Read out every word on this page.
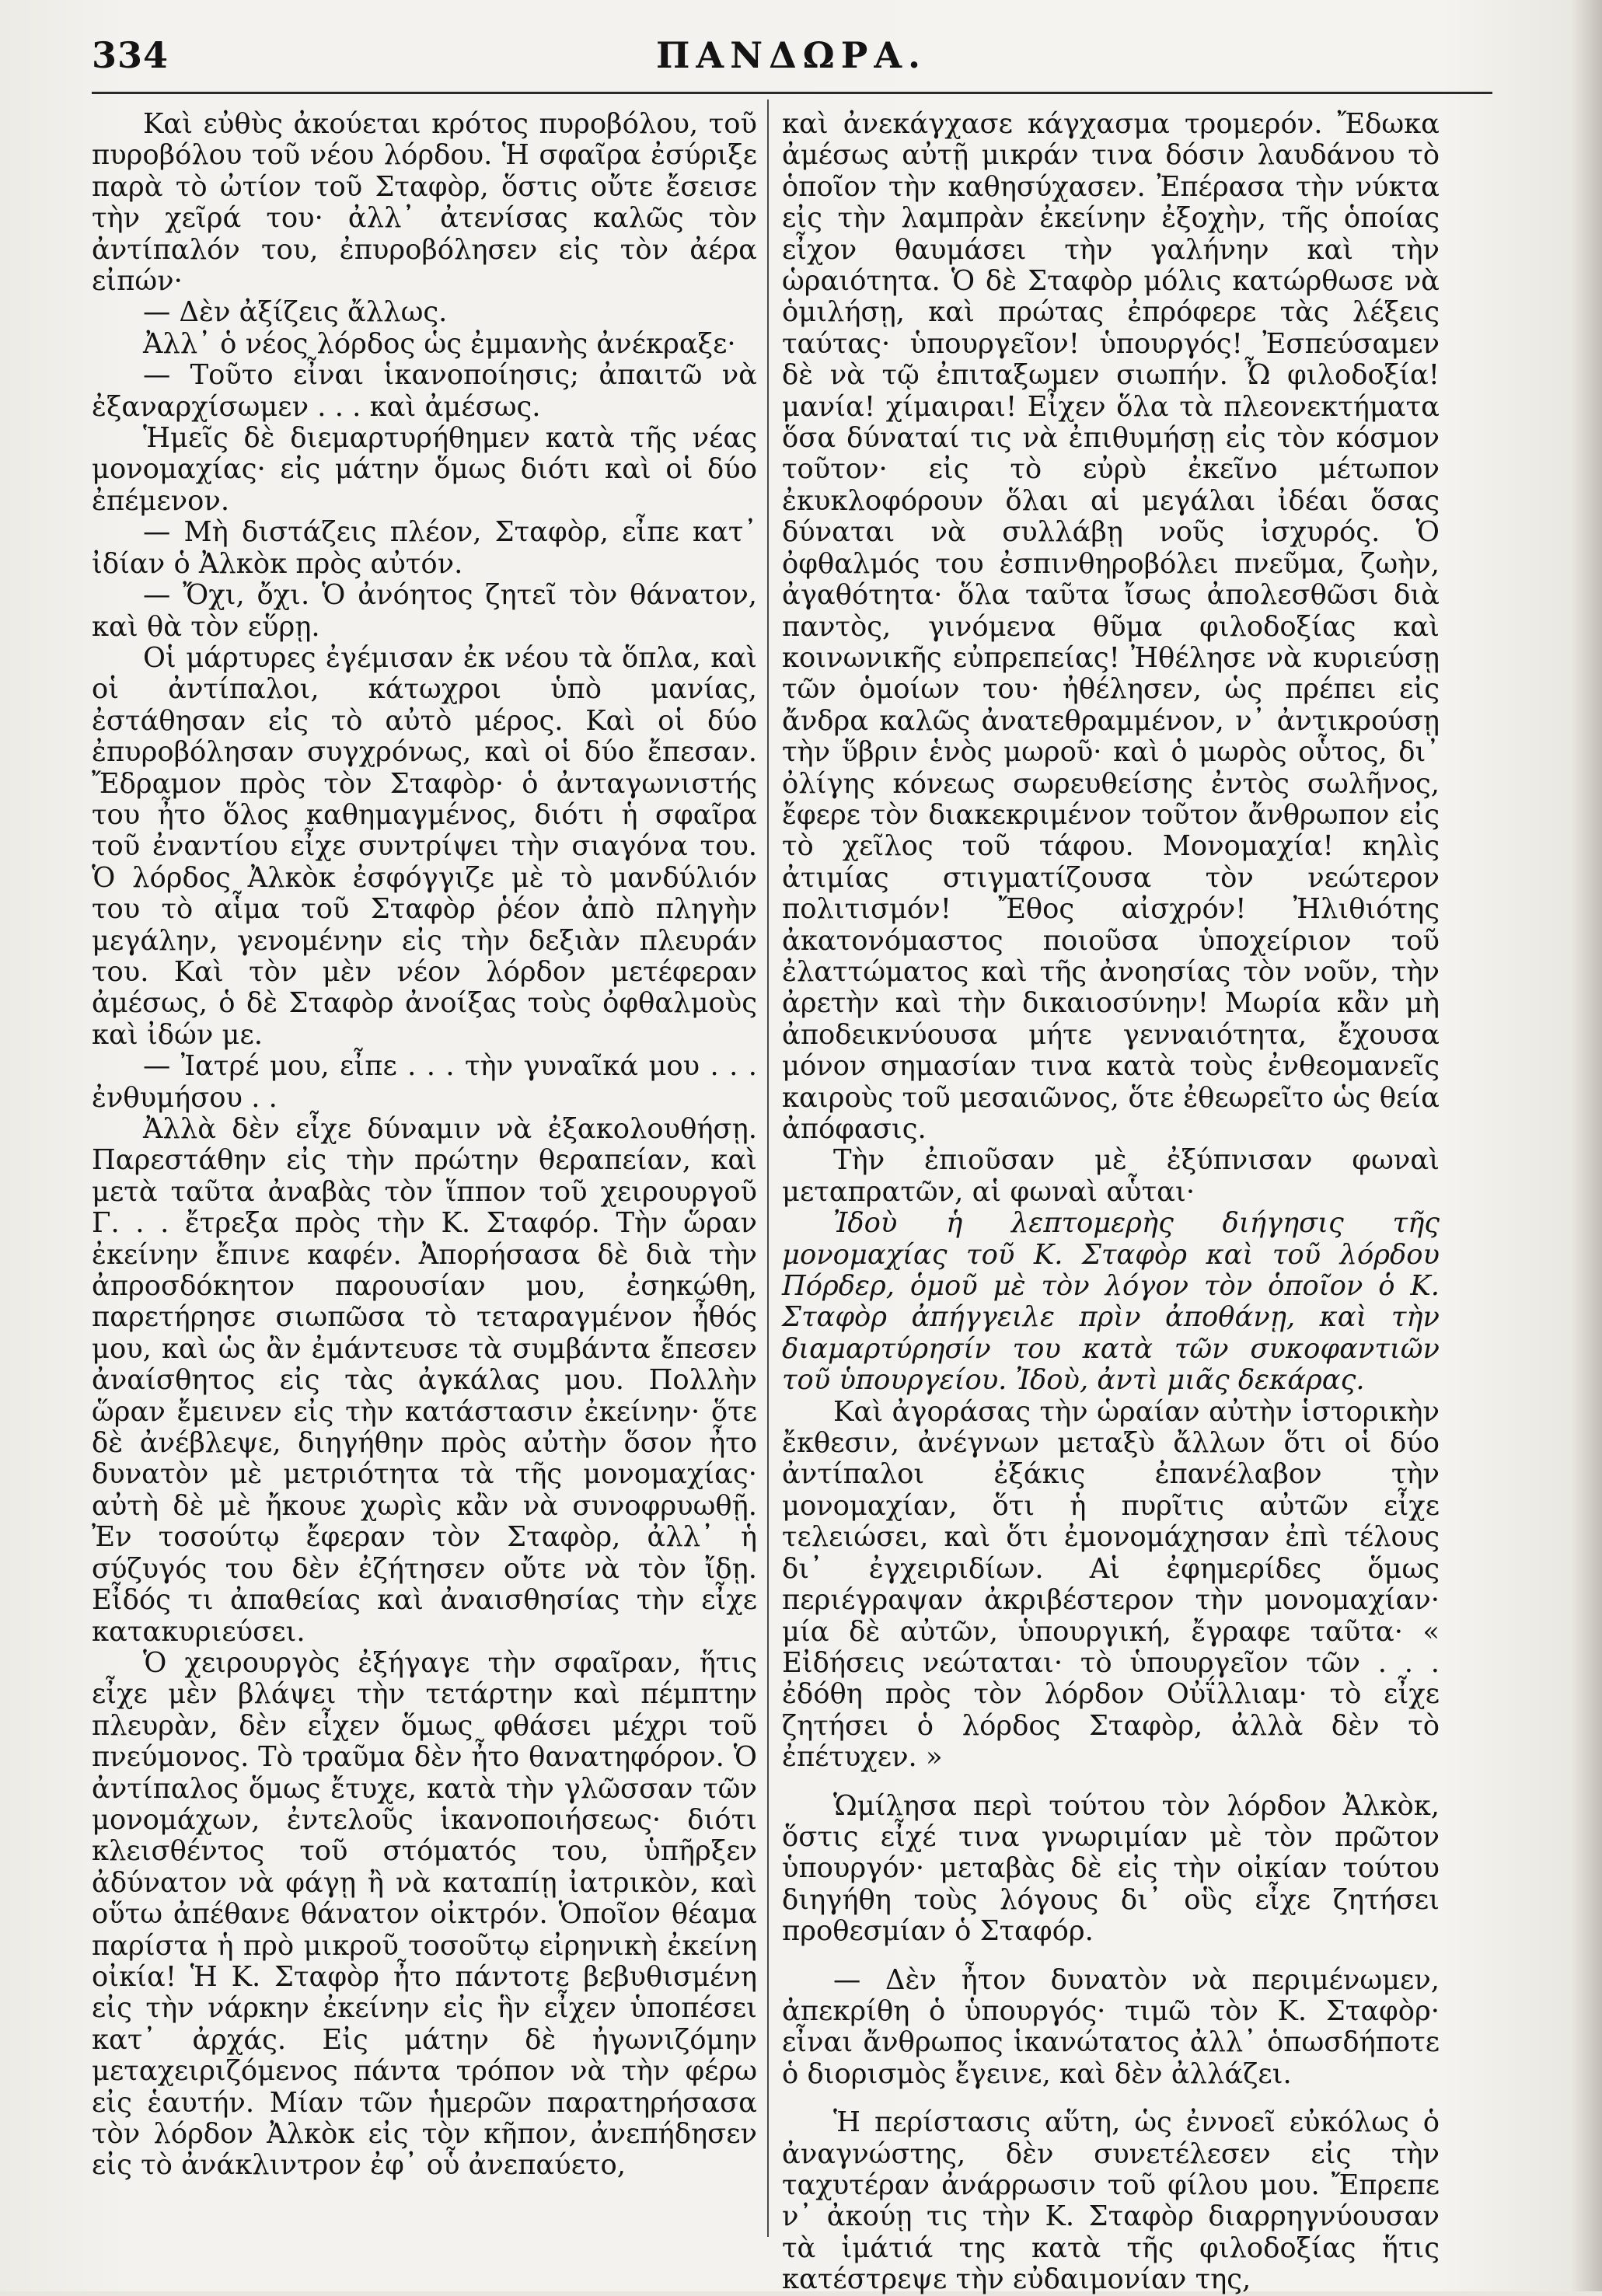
334	ΠΑΝΔΩΡΑ.

Καὶ εὐθὺς ἀκούεται κρότος πυροβόλου, τοῦ πυροβόλου τοῦ νέου λόρδου. Ἡ σφαῖρα ἐσύριξε παρὰ τὸ ὠτίον τοῦ Σταφὸρ, ὅστις οὔτε ἔσεισε τὴν χεῖρά του· ἀλλ᾽ ἀτενίσας καλῶς τὸν ἀντίπαλόν του, ἐπυροβόλησεν εἰς τὸν ἀέρα εἰπών·

— Δὲν ἀξίζεις ἄλλως.

Ἀλλ᾽ ὁ νέος λόρδος ὡς ἐμμανὴς ἀνέκραξε·

— Τοῦτο εἶναι ἱκανοποίησις; ἀπαιτῶ νὰ ἐξαναρχίσωμεν . . . καὶ ἀμέσως.

Ἡμεῖς δὲ διεμαρτυρήθημεν κατὰ τῆς νέας μονομαχίας· εἰς μάτην ὅμως διότι καὶ οἱ δύο ἐπέμενον.

— Μὴ διστάζεις πλέον, Σταφὸρ, εἶπε κατ᾽ ἰδίαν ὁ Ἀλκὸκ πρὸς αὐτόν.

— Ὄχι, ὄχι. Ὁ ἀνόητος ζητεῖ τὸν θάνατον, καὶ θὰ τὸν εὕρῃ.

Οἱ μάρτυρες ἐγέμισαν ἐκ νέου τὰ ὅπλα, καὶ οἱ ἀντίπαλοι, κάτωχροι ὑπὸ μανίας, ἐστάθησαν εἰς τὸ αὐτὸ μέρος. Καὶ οἱ δύο ἐπυροβόλησαν συγχρόνως, καὶ οἱ δύο ἔπεσαν. Ἔδραμον πρὸς τὸν Σταφὸρ· ὁ ἀνταγωνιστής του ἦτο ὅλος καθημαγμένος, διότι ἡ σφαῖρα τοῦ ἐναντίου εἶχε συντρίψει τὴν σιαγόνα του. Ὁ λόρδος Ἀλκὸκ ἐσφόγγιζε μὲ τὸ μανδύλιόν του τὸ αἷμα τοῦ Σταφὸρ ῥέον ἀπὸ πληγὴν μεγάλην, γενομένην εἰς τὴν δεξιὰν πλευράν του. Καὶ τὸν μὲν νέον λόρδον μετέφεραν ἀμέσως, ὁ δὲ Σταφὸρ ἀνοίξας τοὺς ὀφθαλμοὺς καὶ ἰδών με.

— Ἰατρέ μου, εἶπε . . . τὴν γυναῖκά μου . . . ἐνθυμήσου . .

Ἀλλὰ δὲν εἶχε δύναμιν νὰ ἐξακολουθήσῃ. Παρεστάθην εἰς τὴν πρώτην θεραπείαν, καὶ μετὰ ταῦτα ἀναβὰς τὸν ἵππον τοῦ χειρουργοῦ Γ. . . ἔτρεξα πρὸς τὴν Κ. Σταφόρ. Τὴν ὥραν ἐκείνην ἔπινε καφέν. Ἀπορήσασα δὲ διὰ τὴν ἀπροσδόκητον παρουσίαν μου, ἐσηκώθη, παρετήρησε σιωπῶσα τὸ τεταραγμένον ἦθός μου, καὶ ὡς ἂν ἐμάντευσε τὰ συμβάντα ἔπεσεν ἀναίσθητος εἰς τὰς ἀγκάλας μου. Πολλὴν ὥραν ἔμεινεν εἰς τὴν κατάστασιν ἐκείνην· ὅτε δὲ ἀνέβλεψε, διηγήθην πρὸς αὐτὴν ὅσον ἦτο δυνατὸν μὲ μετριότητα τὰ τῆς μονομαχίας· αὐτὴ δὲ μὲ ἤκουε χωρὶς κἂν νὰ συνοφρυωθῇ. Ἐν τοσούτῳ ἔφεραν τὸν Σταφὸρ, ἀλλ᾽ ἡ σύζυγός του δὲν ἐζήτησεν οὔτε νὰ τὸν ἴδῃ. Εἶδός τι ἀπαθείας καὶ ἀναισθησίας τὴν εἶχε κατακυριεύσει.

Ὁ χειρουργὸς ἐξήγαγε τὴν σφαῖραν, ἥτις εἶχε μὲν βλάψει τὴν τετάρτην καὶ πέμπτην πλευρὰν, δὲν εἶχεν ὅμως φθάσει μέχρι τοῦ πνεύμονος. Τὸ τραῦμα δὲν ἦτο θανατηφόρον. Ὁ ἀντίπαλος ὅμως ἔτυχε, κατὰ τὴν γλῶσσαν τῶν μονομάχων, ἐντελοῦς ἱκανοποιήσεως· διότι κλεισθέντος τοῦ στόματός του, ὑπῆρξεν ἀδύνατον νὰ φάγῃ ἢ νὰ καταπίῃ ἰατρικὸν, καὶ οὕτω ἀπέθανε θάνατον οἰκτρόν. Ὁποῖον θέαμα παρίστα ἡ πρὸ μικροῦ τοσοῦτῳ εἰρηνικὴ ἐκείνη οἰκία! Ἡ Κ. Σταφὸρ ἦτο πάντοτε βεβυθισμένη εἰς τὴν νάρκην ἐκείνην εἰς ἣν εἶχεν ὑποπέσει κατ᾽ ἀρχάς. Εἰς μάτην δὲ ἠγωνιζόμην μεταχειριζόμενος πάντα τρόπον νὰ τὴν φέρω εἰς ἑαυτήν. Μίαν τῶν ἡμερῶν παρατηρήσασα τὸν λόρδον Ἀλκὸκ εἰς τὸν κῆπον, ἀνεπήδησεν εἰς τὸ ἀνάκλιντρον ἐφ᾽ οὗ ἀνεπαύετο,

καὶ ἀνεκάγχασε κάγχασμα τρομερόν. Ἔδωκα ἀμέσως αὐτῇ μικράν τινα δόσιν λαυδάνου τὸ ὁποῖον τὴν καθησύχασεν. Ἐπέρασα τὴν νύκτα εἰς τὴν λαμπρὰν ἐκείνην ἐξοχὴν, τῆς ὁποίας εἶχον θαυμάσει τὴν γαλήνην καὶ τὴν ὡραιότητα. Ὁ δὲ Σταφὸρ μόλις κατώρθωσε νὰ ὁμιλήσῃ, καὶ πρώτας ἐπρόφερε τὰς λέξεις ταύτας· ὑπουργεῖον! ὑπουργός! Ἐσπεύσαμεν δὲ νὰ τῷ ἐπιταξωμεν σιωπήν. Ὦ φιλοδοξία! μανία! χίμαιραι! Εἶχεν ὅλα τὰ πλεονεκτήματα ὅσα δύναταί τις νὰ ἐπιθυμήσῃ εἰς τὸν κόσμον τοῦτον· εἰς τὸ εὐρὺ ἐκεῖνο μέτωπον ἐκυκλοφόρουν ὅλαι αἱ μεγάλαι ἰδέαι ὅσας δύναται νὰ συλλάβῃ νοῦς ἰσχυρός. Ὁ ὀφθαλμός του ἐσπινθηροβόλει πνεῦμα, ζωὴν, ἀγαθότητα· ὅλα ταῦτα ἴσως ἀπολεσθῶσι διὰ παντὸς, γινόμενα θῦμα φιλοδοξίας καὶ κοινωνικῆς εὐπρεπείας! Ἠθέλησε νὰ κυριεύσῃ τῶν ὁμοίων του· ἠθέλησεν, ὡς πρέπει εἰς ἄνδρα καλῶς ἀνατεθραμμένον, ν᾽ ἀντικρούσῃ τὴν ὕβριν ἑνὸς μωροῦ· καὶ ὁ μωρὸς οὗτος, δι᾽ ὀλίγης κόνεως σωρευθείσης ἐντὸς σωλῆνος, ἔφερε τὸν διακεκριμένον τοῦτον ἄνθρωπον εἰς τὸ χεῖλος τοῦ τάφου. Μονομαχία! κηλὶς ἀτιμίας στιγματίζουσα τὸν νεώτερον πολιτισμόν! Ἔθος αἰσχρόν! Ἠλιθιότης ἀκατονόμαστος ποιοῦσα ὑποχείριον τοῦ ἐλαττώματος καὶ τῆς ἀνοησίας τὸν νοῦν, τὴν ἀρετὴν καὶ τὴν δικαιοσύνην! Μωρία κἂν μὴ ἀποδεικνύουσα μήτε γενναιότητα, ἔχουσα μόνον σημασίαν τινα κατὰ τοὺς ἐνθεομανεῖς καιροὺς τοῦ μεσαιῶνος, ὅτε ἐθεωρεῖτο ὡς θεία ἀπόφασις.

Τὴν ἐπιοῦσαν μὲ ἐξύπνισαν φωναὶ μεταπρατῶν, αἱ φωναὶ αὗται·

Ἰδοὺ ἡ λεπτομερὴς διήγησις τῆς μονομαχίας τοῦ Κ. Σταφὸρ καὶ τοῦ λόρδου Πόρδερ, ὁμοῦ μὲ τὸν λόγον τὸν ὁποῖον ὁ Κ. Σταφὸρ ἀπήγγειλε πρὶν ἀποθάνῃ, καὶ τὴν διαμαρτύρησίν του κατὰ τῶν συκοφαντιῶν τοῦ ὑπουργείου. Ἰδοὺ, ἀντὶ μιᾶς δεκάρας.

Καὶ ἀγοράσας τὴν ὡραίαν αὐτὴν ἱστορικὴν ἔκθεσιν, ἀνέγνων μεταξὺ ἄλλων ὅτι οἱ δύο ἀντίπαλοι ἐξάκις ἐπανέλαβον τὴν μονομαχίαν, ὅτι ἡ πυρῖτις αὐτῶν εἶχε τελειώσει, καὶ ὅτι ἐμονομάχησαν ἐπὶ τέλους δι᾽ ἐγχειριδίων. Αἱ ἐφημερίδες ὅμως περιέγραψαν ἀκριβέστερον τὴν μονομαχίαν· μία δὲ αὐτῶν, ὑπουργική, ἔγραφε ταῦτα· « Εἰδήσεις νεώταται· τὸ ὑπουργεῖον τῶν . . . ἐδόθη πρὸς τὸν λόρδον Οὐΐλλιαμ· τὸ εἶχε ζητήσει ὁ λόρδος Σταφὸρ, ἀλλὰ δὲν τὸ ἐπέτυχεν. »

Ὡμίλησα περὶ τούτου τὸν λόρδον Ἀλκὸκ, ὅστις εἶχέ τινα γνωριμίαν μὲ τὸν πρῶτον ὑπουργόν· μεταβὰς δὲ εἰς τὴν οἰκίαν τούτου διηγήθη τοὺς λόγους δι᾽ οὓς εἶχε ζητήσει προθεσμίαν ὁ Σταφόρ.

— Δὲν ἦτον δυνατὸν νὰ περιμένωμεν, ἀπεκρίθη ὁ ὑπουργός· τιμῶ τὸν Κ. Σταφὸρ· εἶναι ἄνθρωπος ἱκανώτατος ἀλλ᾽ ὁπωσδήποτε ὁ διορισμὸς ἔγεινε, καὶ δὲν ἀλλάζει.

Ἡ περίστασις αὕτη, ὡς ἐννοεῖ εὐκόλως ὁ ἀναγνώστης, δὲν συνετέλεσεν εἰς τὴν ταχυτέραν ἀνάρρωσιν τοῦ φίλου μου. Ἔπρεπε ν᾽ ἀκούῃ τις τὴν Κ. Σταφὸρ διαρρηγνύουσαν τὰ ἱμάτιά της κατὰ τῆς φιλοδοξίας ἥτις κατέστρεψε τὴν εὐδαιμονίαν της,
